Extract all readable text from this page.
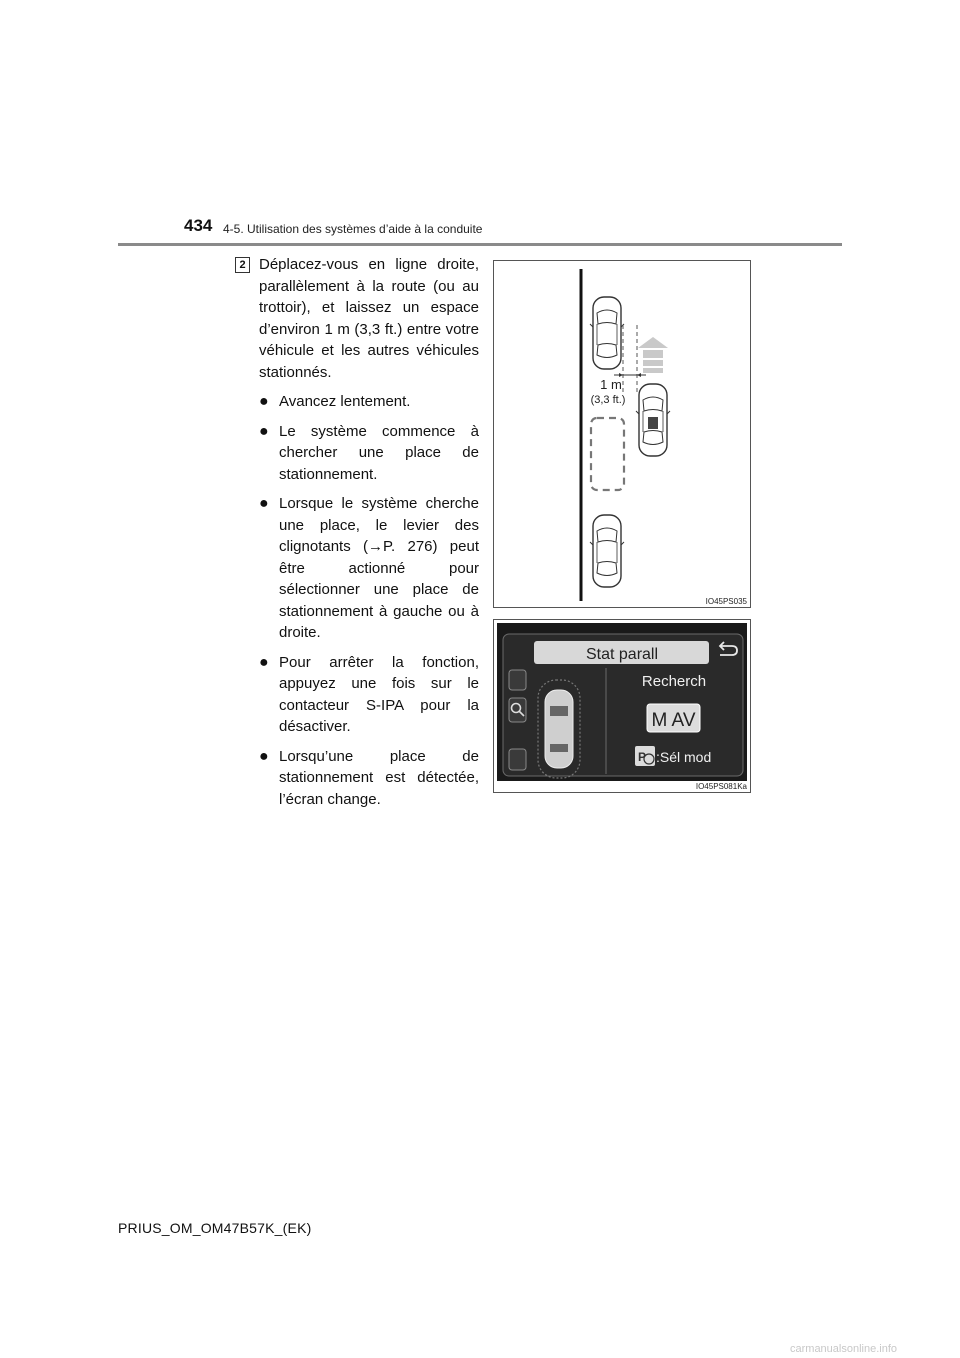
434 4-5. Utilisation des systèmes d’aide à la conduite
2 Déplacez-vous en ligne droite, parallèlement à la route (ou au trottoir), et laissez un espace d’environ 1 m (3,3 ft.) entre votre véhicule et les autres véhicules stationnés.

● Avancez lentement.
● Le système commence à chercher une place de stationnement.
● Lorsque le système cherche une place, le levier des clignotants (→P. 276) peut être actionné pour sélectionner une place de stationnement à gauche ou à droite.
● Pour arrêter la fonction, appuyez une fois sur le contacteur S-IPA pour la désactiver.
● Lorsqu’une place de stationnement est détectée, l’écran change.
1 m
(3,3 ft.)
IO45PS035
Stat parall
Recherch
M AV
P :Sél mod
IO45PS081Ka
PRIUS_OM_OM47B57K_(EK)
carmanualsonline.info
